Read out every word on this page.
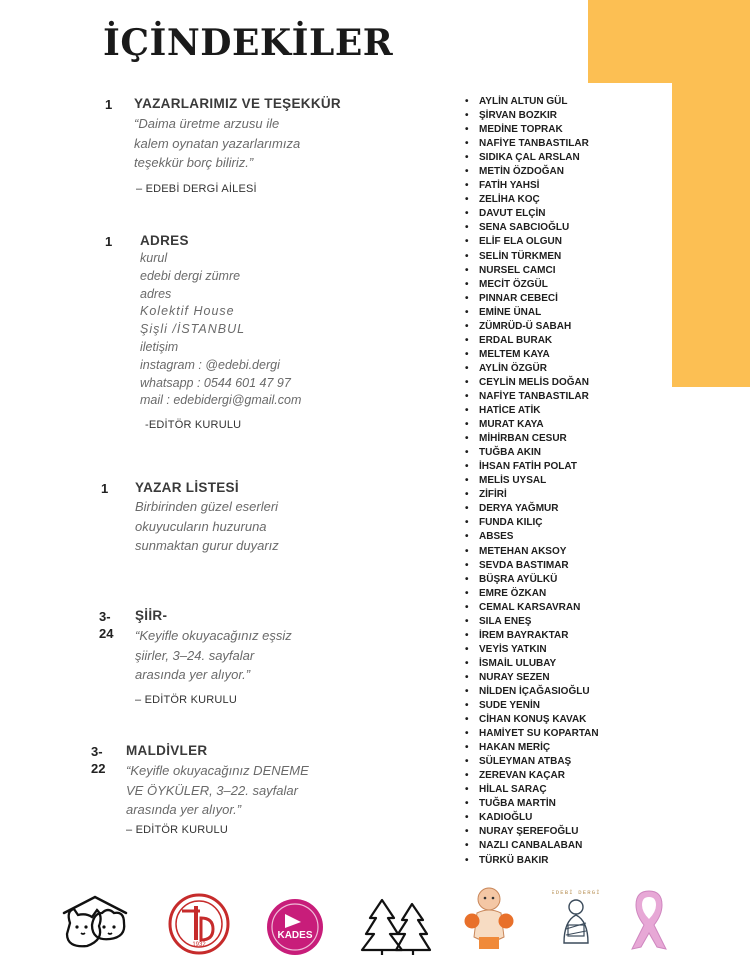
İÇİNDEKİLER
1 YAZARLARIMIZ VE TEŞEKKÜR
“Daima üretme arzusu ile
kalem oynatan yazarlarımıza
teşekkür borç biliriz.”
– EDEBİ DERGİ AİLESİ
1 ADRES
kurul
edebi dergi zümre
adres
Kolektif House
Şişli /İSTANBUL
iletişim
instagram : @edebi.dergi
whatsapp : 0544 601 47 97
mail : edebidergi@gmail.com
-EDİTÖR KURULU
1 YAZAR LİSTESİ
Birbirinden güzel eserleri
okuyucuların huzuruna
sunmaktan gurur duyarız
3-
24
ŞİİR-
“Keyifle okuyacağınız eşsiz
şiirler, 3–24. sayfalar
arasında yer alıyor.”
– EDİTÖR KURULU
3-
22
MALDİVLER
“Keyifle okuyacağınız DENEME
VE ÖYKÜLER, 3–22. sayfalar
arasında yer alıyor.”
– EDİTÖR KURULU
• AYLİN ALTUN GÜL
• ŞİRVAN BOZKIR
• MEDİNE TOPRAK
• NAFİYE TANBASTILAR
• SIDIKA ÇAL ARSLAN
• METİN ÖZDOĞAN
• FATİH YAHSİ
• ZELİHA KOÇ
• DAVUT ELÇİN
• SENA SABCIOĞLU
• ELİF ELA OLGUN
• SELİN TÜRKMEN
• NURSEL CAMCI
• MECİT ÖZGÜL
• PINNAR CEBECİ
• EMİNE ÜNAL
• ZÜMRÜD-Ü SABAH
• ERDAL BURAK
• MELTEM KAYA
• AYLİN ÖZGÜR
• CEYLİN MELİS DOĞAN
• NAFİYE TANBASTILAR
• HATİCE ATİK
• MURAT KAYA
• MİHİRBAN CESUR
• TUĞBA AKIN
• İHSAN FATİH POLAT
• MELİS UYSAL
• ZİFİRİ
• DERYA YAĞMUR
• FUNDA KILIÇ
• ABSES
• METEHAN AKSOY
• SEVDA BASTIMAR
• BÜŞRA AYÜLKÜ
• EMRE ÖZKAN
• CEMAL KARSAVRAN
• SILA ENEŞ
• İREM BAYRAKTAR
• VEYİS YATKIN
• İSMAİL ULUBAY
• NURAY SEZEN
• NİLDEN İÇAĞASIOĞLU
• SUDE YENİN
• CİHAN KONUŞ KAVAK
• HAMİYET SU KOPARTAN
• HAKAN MERİÇ
• SÜLEYMAN ATBAŞ
• ZEREVAN KAÇAR
• HİLAL SARAÇ
• TUĞBA MARTİN
• KADIOĞLU
• NURAY ŞEREFOĞLU
• NAZLI CANBALABAN
• TÜRKÜ BAKIR
1932
KADES
EDEBİ DERGİ
